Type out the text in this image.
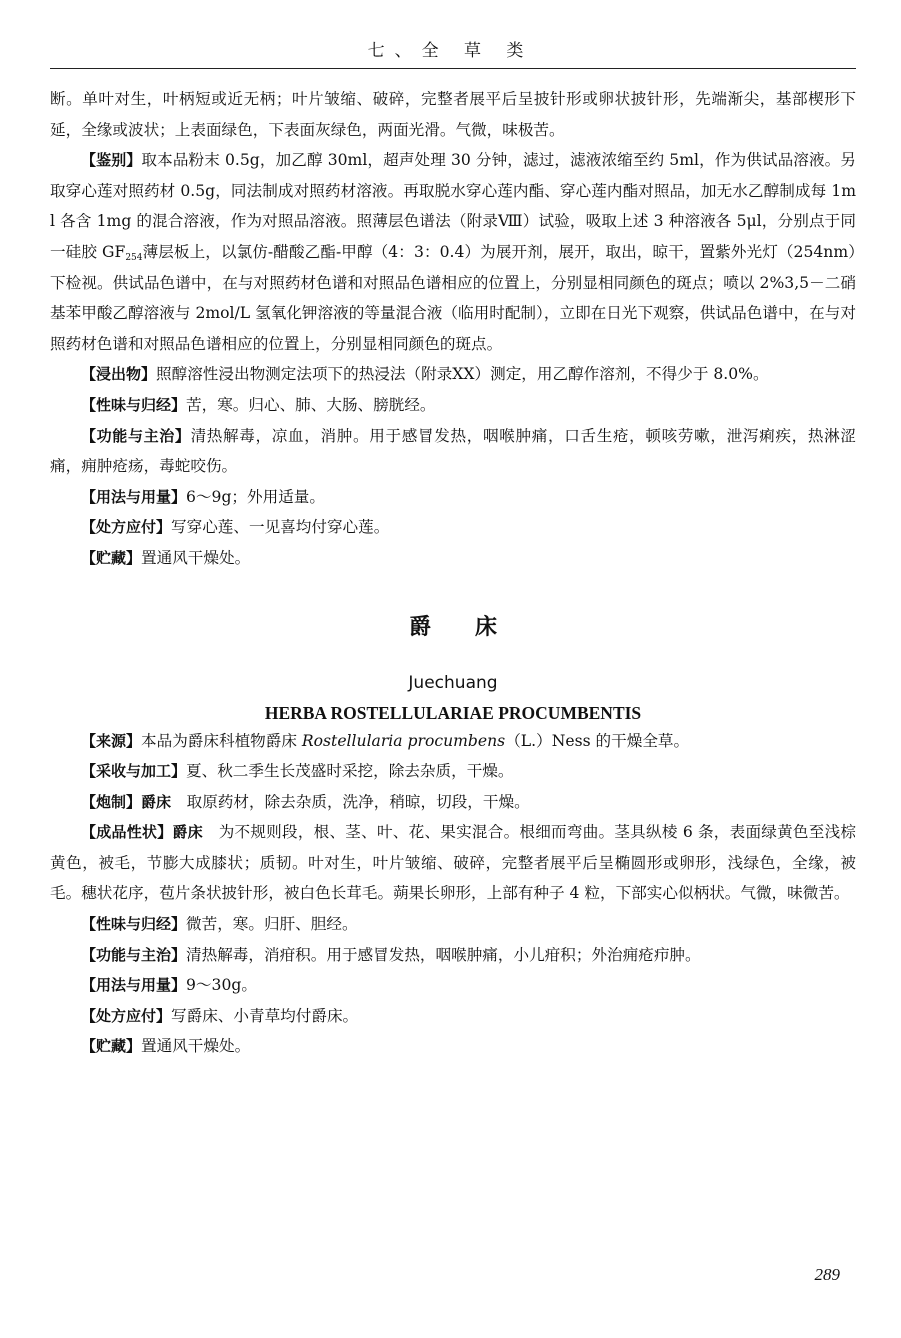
七、全 草 类

断。单叶对生，叶柄短或近无柄；叶片皱缩、破碎，完整者展平后呈披针形或卵状披针形，先端渐尖，基部楔形下延，全缘或波状；上表面绿色，下表面灰绿色，两面光滑。气微，味极苦。

【鉴别】取本品粉末 0.5g，加乙醇 30ml，超声处理 30 分钟，滤过，滤液浓缩至约 5ml，作为供试品溶液。另取穿心莲对照药材 0.5g，同法制成对照药材溶液。再取脱水穿心莲内酯、穿心莲内酯对照品，加无水乙醇制成每 1ml 各含 1mg 的混合溶液，作为对照品溶液。照薄层色谱法（附录Ⅷ）试验，吸取上述 3 种溶液各 5μl，分别点于同一硅胶 $GF_{254}$薄层板上，以氯仿-醋酸乙酯-甲醇（4：3：0.4）为展开剂，展开，取出，晾干，置紫外光灯（254nm）下检视。供试品色谱中，在与对照药材色谱和对照品色谱相应的位置上，分别显相同颜色的斑点；喷以 2%3,5－二硝基苯甲酸乙醇溶液与 2mol/L 氢氧化钾溶液的等量混合液（临用时配制），立即在日光下观察，供试品色谱中，在与对照药材色谱和对照品色谱相应的位置上，分别显相同颜色的斑点。

【浸出物】照醇溶性浸出物测定法项下的热浸法（附录ⅩⅩ）测定，用乙醇作溶剂，不得少于 8.0%。

【性味与归经】苦，寒。归心、肺、大肠、膀胱经。

【功能与主治】清热解毒，凉血，消肿。用于感冒发热，咽喉肿痛，口舌生疮，顿咳劳嗽，泄泻痢疾，热淋涩痛，痈肿疮疡，毒蛇咬伤。

【用法与用量】6～9g；外用适量。

【处方应付】写穿心莲、一见喜均付穿心莲。

【贮藏】置通风干燥处。

爵床
Juechuang
HERBA ROSTELLULARIAE PROCUMBENTIS

【来源】本品为爵床科植物爵床 Rostellularia procumbens（L.）Ness 的干燥全草。

【采收与加工】夏、秋二季生长茂盛时采挖，除去杂质，干燥。

【炮制】爵床  取原药材，除去杂质，洗净，稍晾，切段，干燥。

【成品性状】爵床  为不规则段，根、茎、叶、花、果实混合。根细而弯曲。茎具纵棱 6 条，表面绿黄色至浅棕黄色，被毛，节膨大成膝状；质韧。叶对生，叶片皱缩、破碎，完整者展平后呈椭圆形或卵形，浅绿色，全缘，被毛。穗状花序，苞片条状披针形，被白色长茸毛。蒴果长卵形，上部有种子 4 粒，下部实心似柄状。气微，味微苦。

【性味与归经】微苦，寒。归肝、胆经。

【功能与主治】清热解毒，消疳积。用于感冒发热，咽喉肿痛，小儿疳积；外治痈疮疖肿。

【用法与用量】9～30g。

【处方应付】写爵床、小青草均付爵床。

【贮藏】置通风干燥处。

289
